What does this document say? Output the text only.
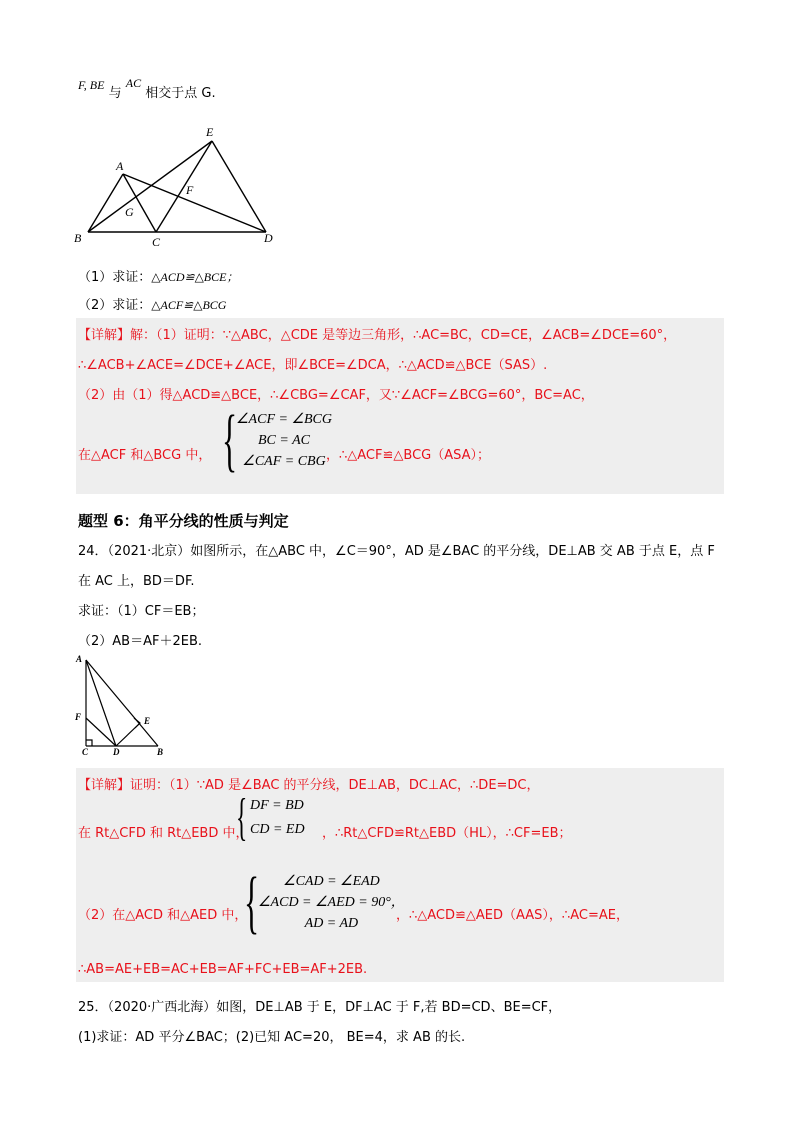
F, BE 与 AC 相交于点 G.
A
B	C	D
E
F
G
（1）求证：△ACD≌△BCE；
（2）求证：△ACF≌△BCG
【详解】解：（1）证明：∵△ABC，△CDE 是等边三角形，∴AC=BC，CD=CE，∠ACB=∠DCE=60°，
∴∠ACB+∠ACE=∠DCE+∠ACE，即∠BCE=∠DCA，∴△ACD≌△BCE（SAS）.
（2）由（1）得△ACD≌△BCE，∴∠CBG=∠CAF，又∵∠ACF=∠BCG=60°，BC=AC，
在△ACF 和△BCG 中， {
∠ACF = ∠BCG
BC = AC
∠CAF = CBG ，∴△ACF≌△BCG（ASA）；
题型 6：角平分线的性质与判定
24．（2021·北京）如图所示，在△ABC 中，∠C＝90°，AD 是∠BAC 的平分线，DE⊥AB 交 AB 于点 E，点 F
在 AC 上，BD＝DF.
求证：（1）CF＝EB；
（2）AB＝AF＋2EB.
A
B
C	D
E
F
【详解】证明：（1）∵AD 是∠BAC 的平分线，DE⊥AB，DC⊥AC，∴DE=DC，
在 Rt△CFD 和 Rt△EBD 中，
{ DF = BD
CD = ED ，∴Rt△CFD≌Rt△EBD（HL），∴CF=EB；
（2）在△ACD 和△AED 中，
{	∠CAD = ∠EAD
∠ACD = ∠AED = 90°，
AD = AD
，∴△ACD≌△AED（AAS），∴AC=AE，
∴AB=AE+EB=AC+EB=AF+FC+EB=AF+2EB.
25．（2020·广西北海）如图，DE⊥AB 于 E，DF⊥AC 于 F,若 BD=CD、BE=CF，
(1)求证：AD 平分∠BAC；(2)已知 AC=20， BE=4，求 AB 的长.
